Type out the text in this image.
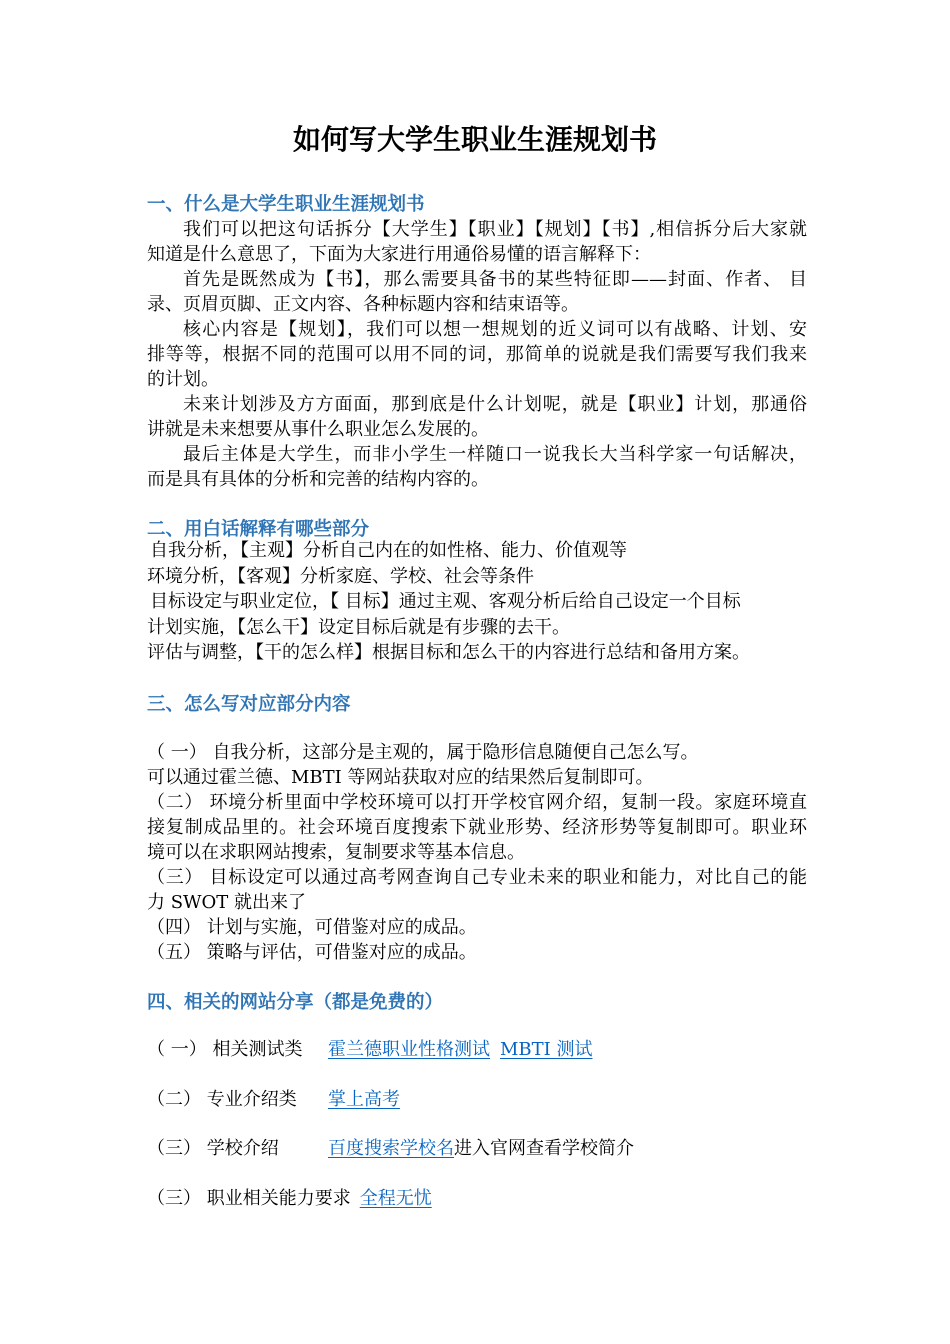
如何写大学生职业生涯规划书
一、什么是大学生职业生涯规划书
我们可以把这句话拆分【大学生】【职业】【规划】【书】,相信拆分后大家就
知道是什么意思了，下面为大家进行用通俗易懂的语言解释下：
首先是既然成为【书】，那么需要具备书的某些特征即——封面、作者、 目
录、页眉页脚、正文内容、各种标题内容和结束语等。
核心内容是【规划】，我们可以想一想规划的近义词可以有战略、计划、安
排等等，根据不同的范围可以用不同的词，那简单的说就是我们需要写我们我来
的计划。
未来计划涉及方方面面，那到底是什么计划呢，就是【职业】计划，那通俗
讲就是未来想要从事什么职业怎么发展的。
最后主体是大学生，而非小学生一样随口一说我长大当科学家一句话解决，
而是具有具体的分析和完善的结构内容的。
二、用白话解释有哪些部分
自我分析，【主观】分析自己内在的如性格、能力、价值观等
环境分析，【客观】分析家庭、学校、社会等条件
目标设定与职业定位，【 目标】通过主观、客观分析后给自己设定一个目标
计划实施，【怎么干】设定目标后就是有步骤的去干。
评估与调整，【干的怎么样】根据目标和怎么干的内容进行总结和备用方案。
三、怎么写对应部分内容
（ 一） 自我分析，这部分是主观的，属于隐形信息随便自己怎么写。
可以通过霍兰德、MBTI 等网站获取对应的结果然后复制即可。
（二） 环境分析里面中学校环境可以打开学校官网介绍，复制一段。家庭环境直
接复制成品里的。社会环境百度搜索下就业形势、经济形势等复制即可。职业环
境可以在求职网站搜索，复制要求等基本信息。
（三） 目标设定可以通过高考网查询自己专业未来的职业和能力，对比自己的能
力 SWOT 就出来了
（四） 计划与实施，可借鉴对应的成品。
（五） 策略与评估，可借鉴对应的成品。
四、相关的网站分享（都是免费的）
（ 一） 相关测试类 霍兰德职业性格测试 MBTI 测试
（二） 专业介绍类 掌上高考
（三） 学校介绍	百度搜索学校名进入官网查看学校简介
（三） 职业相关能力要求 全程无忧
